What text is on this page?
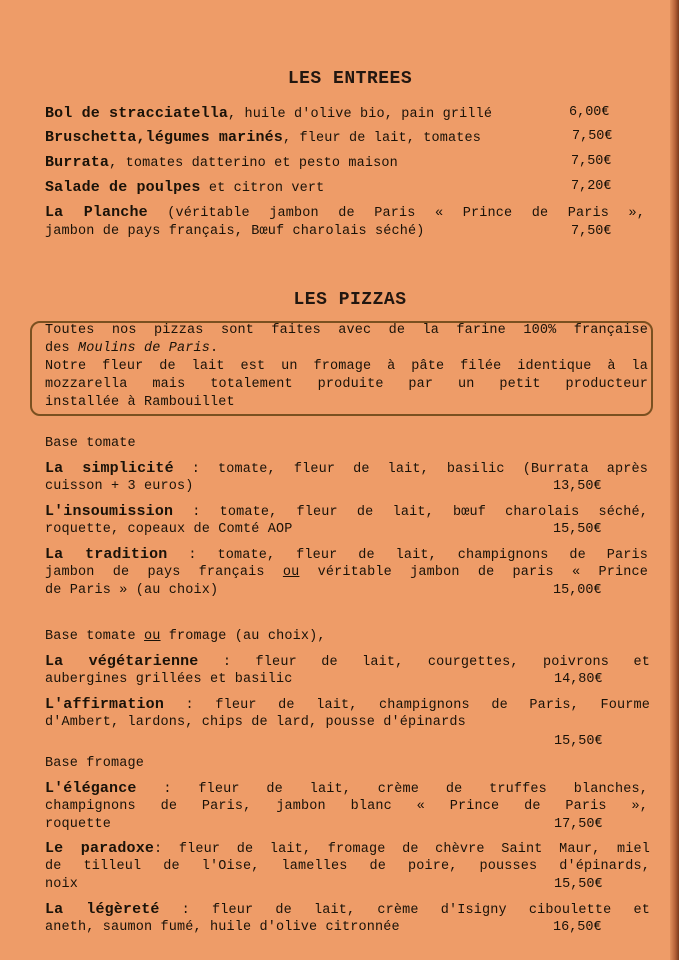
LES ENTREES
Bol de stracciatella, huile d'olive bio, pain grillé	6,00€
Bruschetta,légumes marinés, fleur de lait, tomates	7,50€
Burrata, tomates datterino et pesto maison	7,50€
Salade de poulpes et citron vert	7,20€
La Planche (véritable jambon de Paris « Prince de Paris »,
jambon de pays français, Bœuf charolais séché)	7,50€
LES PIZZAS
Toutes nos pizzas sont faites avec de la farine 100% française
des Moulins de Paris.
Notre fleur de lait est un fromage à pâte filée identique à la
mozzarella mais totalement produite par un petit producteur
installée à Rambouillet
Base tomate
La simplicité : tomate, fleur de lait, basilic (Burrata après
cuisson + 3 euros)	13,50€
L'insoumission : tomate, fleur de lait, bœuf charolais séché,
roquette, copeaux de Comté AOP	15,50€
La tradition : tomate, fleur de lait, champignons de Paris
jambon de pays français ou véritable jambon de paris « Prince
de Paris » (au choix)	15,00€
Base tomate ou fromage (au choix),
La végétarienne : fleur de lait, courgettes, poivrons et
aubergines grillées et basilic	14,80€
L'affirmation : fleur de lait, champignons de Paris, Fourme
d'Ambert, lardons, chips de lard, pousse d'épinards
15,50€
Base fromage
L'élégance : fleur de lait, crème de truffes blanches,
champignons de Paris, jambon blanc « Prince de Paris »,
roquette	17,50€
Le paradoxe: fleur de lait, fromage de chèvre Saint Maur, miel
de tilleul de l'Oise, lamelles de poire, pousses d'épinards,
noix	15,50€
La légèreté : fleur de lait, crème d'Isigny ciboulette et
aneth, saumon fumé, huile d'olive citronnée	16,50€
